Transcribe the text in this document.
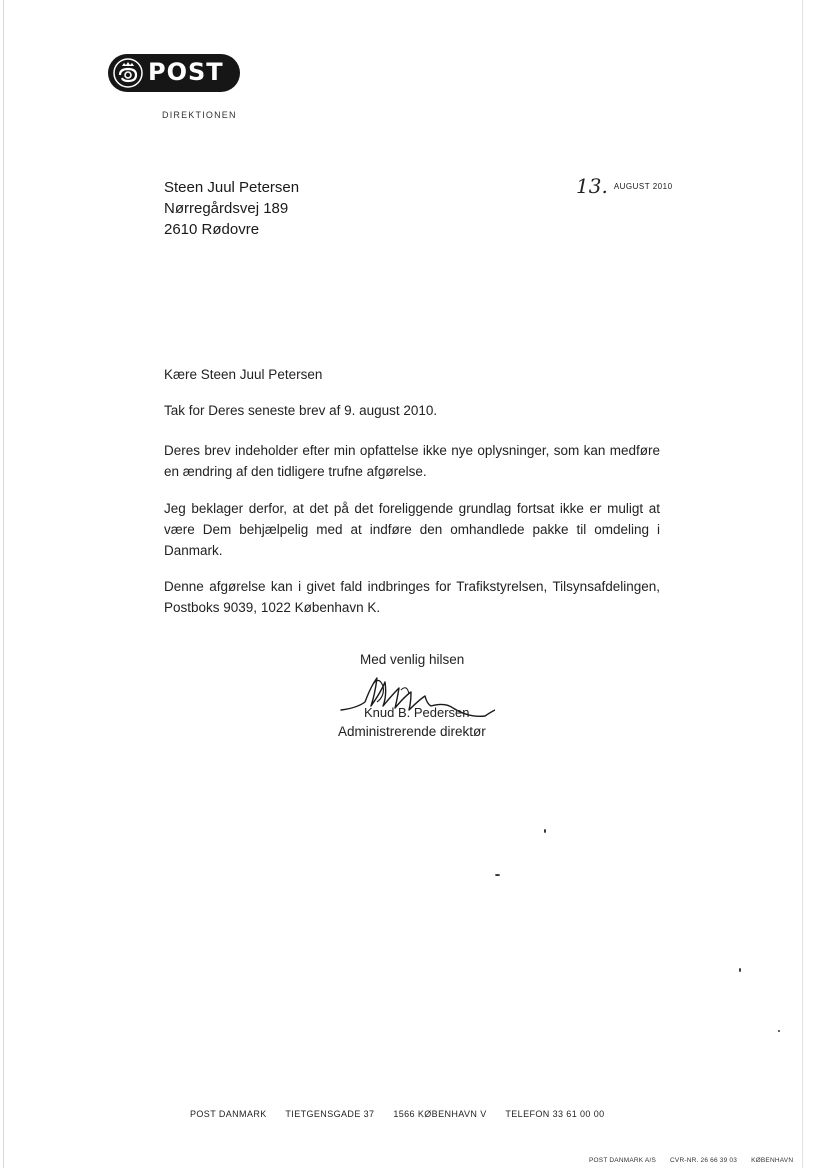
POST
DIREKTIONEN
Steen Juul Petersen
Nørregårdsvej 189
2610 Rødovre
13. $^{AUGUST 2010}$
Kære Steen Juul Petersen
Tak for Deres seneste brev af 9. august 2010.
Deres brev indeholder efter min opfattelse ikke nye oplysninger, som kan medføre en ændring af den tidligere trufne afgørelse.
Jeg beklager derfor, at det på det foreliggende grundlag fortsat ikke er muligt at være Dem behjælpelig med at indføre den omhandlede pakke til omdeling i Danmark.
Denne afgørelse kan i givet fald indbringes for Trafikstyrelsen, Tilsynsafdelingen, Postboks 9039, 1022 København K.
Med venlig hilsen
Knud B. Pedersen
Administrerende direktør
POST DANMARK TIETGENSGADE 37 1566 KØBENHAVN V TELEFON 33 61 00 00
POST DANMARK A/S CVR-NR. 26 66 39 03 KØBENHAVN
